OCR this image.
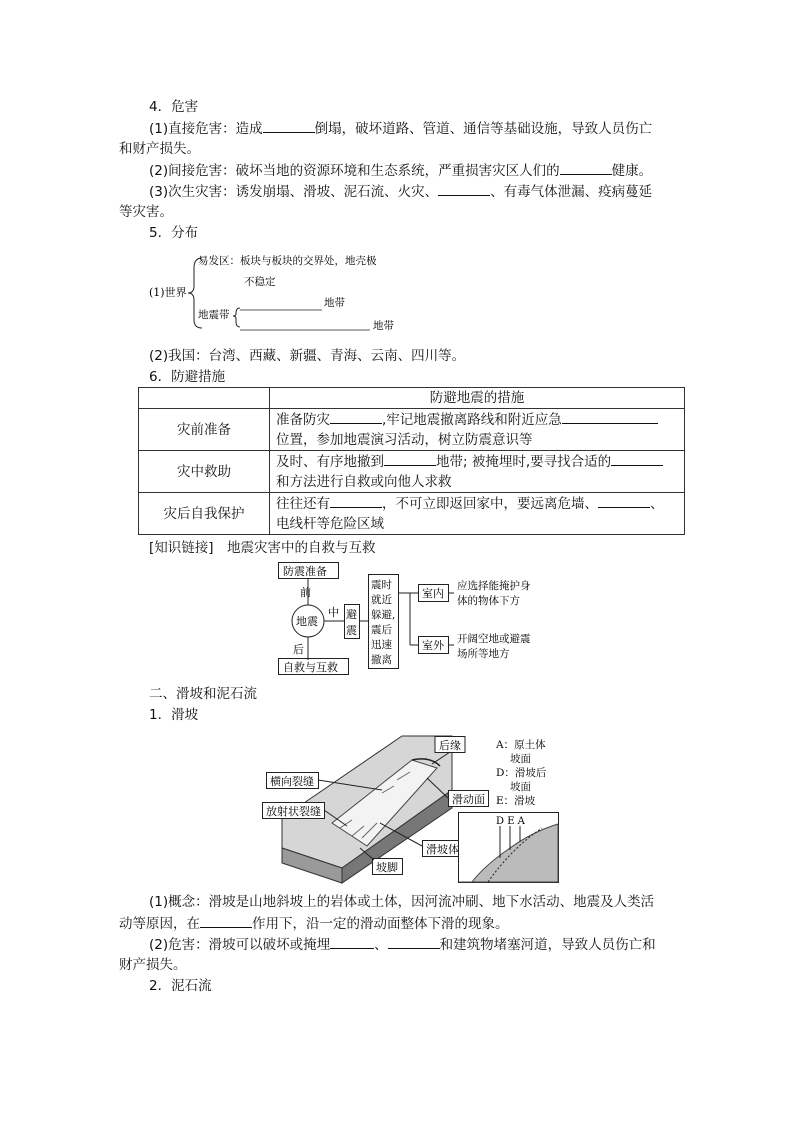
4．危害
(1)直接危害：造成	倒塌，破坏道路、管道、通信等基础设施，导致人员伤亡
和财产损失。
(2)间接危害：破坏当地的资源环境和生态系统，严重损害灾区人们的	健康。
(3)次生灾害：诱发崩塌、滑坡、泥石流、火灾、	、有毒气体泄漏、疫病蔓延
等灾害。
5．分布
(1)世界
易发区：板块与板块的交界处，地壳极
不稳定
地震带
地带
地带
(2)我国：台湾、西藏、新疆、青海、云南、四川等。
6．防避措施
	防避地震的措施
灾前准备	准备防灾 ,牢记地震撤离路线和附近应急
位置，参加地震演习活动，树立防震意识等

灾中救助	及时、有序地撤到 地带; 被掩埋时,要寻找合适的
和方法进行自救或向他人求救

灾后自我保护	往往还有 ，不可立即返回家中，要远离危墙、 、
电线杆等危险区域
[知识链接]　地震灾害中的自救与互救
防震准备
前
地震
后
自救与互救
中 避
震
震时
就近
躲避,
震后
迅速
撤离
室内
室外
应选择能掩护身
体的物体下方
开阔空地或避震
场所等地方
二、滑坡和泥石流
1．滑坡
后缘
横向裂缝
放射状裂缝
滑动面
滑坡体
坡脚
D E A
A：原土体
坡面
D：滑坡后
坡面
E：滑坡
(1)概念：滑坡是山地斜坡上的岩体或土体，因河流冲刷、地下水活动、地震及人类活
动等原因，在	作用下，沿一定的滑动面整体下滑的现象。
(2)危害：滑坡可以破坏或掩埋	、	和建筑物堵塞河道，导致人员伤亡和
财产损失。
2．泥石流
